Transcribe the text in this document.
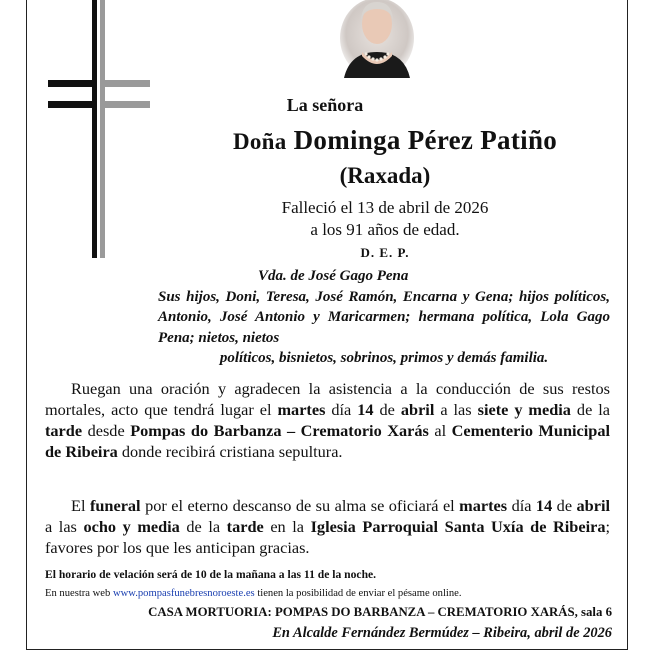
La señora
Doña Dominga Pérez Patiño
(Raxada)
Falleció el 13 de abril de 2026
a los 91 años de edad.
D. E. P.
Vda. de José Gago Pena
Sus hijos, Doni, Teresa, José Ramón, Encarna y Gena; hijos políticos, Antonio, José Antonio y Maricarmen; hermana política, Lola Gago Pena; nietos, nietos
políticos, bisnietos, sobrinos, primos y demás familia.
Ruegan una oración y agradecen la asistencia a la conducción de sus restos mortales, acto que tendrá lugar el martes día 14 de abril a las siete y media de la tarde desde Pompas do Barbanza – Crematorio Xarás al Cementerio Municipal de Ribeira donde recibirá cristiana sepultura.
El funeral por el eterno descanso de su alma se oficiará el martes día 14 de abril a las ocho y media de la tarde en la Iglesia Parroquial Santa Uxía de Ribeira; favores por los que les anticipan gracias.
El horario de velación será de 10 de la mañana a las 11 de la noche.
En nuestra web www.pompasfunebresnoroeste.es tienen la posibilidad de enviar el pésame online.
CASA MORTUORIA: POMPAS DO BARBANZA – CREMATORIO XARÁS, sala 6
En Alcalde Fernández Bermúdez – Ribeira, abril de 2026
